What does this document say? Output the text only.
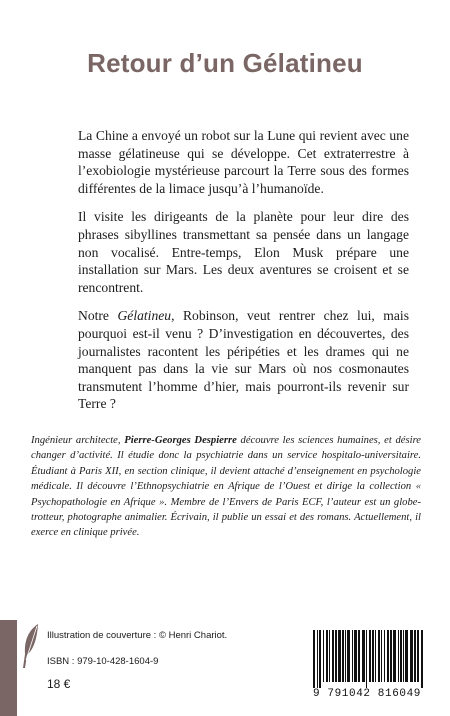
Retour d’un Gélatineu

La Chine a envoyé un robot sur la Lune qui revient avec une masse gélatineuse qui se développe. Cet extraterrestre à l’exobiologie mystérieuse parcourt la Terre sous des formes différentes de la limace jusqu’à l’humanoïde.

Il visite les dirigeants de la planète pour leur dire des phrases sibyllines transmettant sa pensée dans un langage non vocalisé. Entre-temps, Elon Musk prépare une installation sur Mars. Les deux aventures se croisent et se rencontrent.

Notre Gélatineu, Robinson, veut rentrer chez lui, mais pourquoi est-il venu ? D’investigation en découvertes, des journalistes racontent les péripéties et les drames qui ne manquent pas dans la vie sur Mars où nos cosmonautes transmutent l’homme d’hier, mais pourront-ils revenir sur Terre ?

Ingénieur architecte, Pierre-Georges Despierre découvre les sciences humaines, et désire changer d’activité. Il étudie donc la psychiatrie dans un service hospitalo-universitaire. Étudiant à Paris XII, en section clinique, il devient attaché d’enseignement en psychologie médicale. Il découvre l’Ethnopsychiatrie en Afrique de l’Ouest et dirige la collection « Psychopathologie en Afrique ». Membre de l’Envers de Paris ECF, l’auteur est un globe-trotteur, photographe animalier. Écrivain, il publie un essai et des romans. Actuellement, il exerce en clinique privée.
Illustration de couverture : © Henri Chariot.
ISBN : 979-10-428-1604-9
18 €
9 791042 816049
